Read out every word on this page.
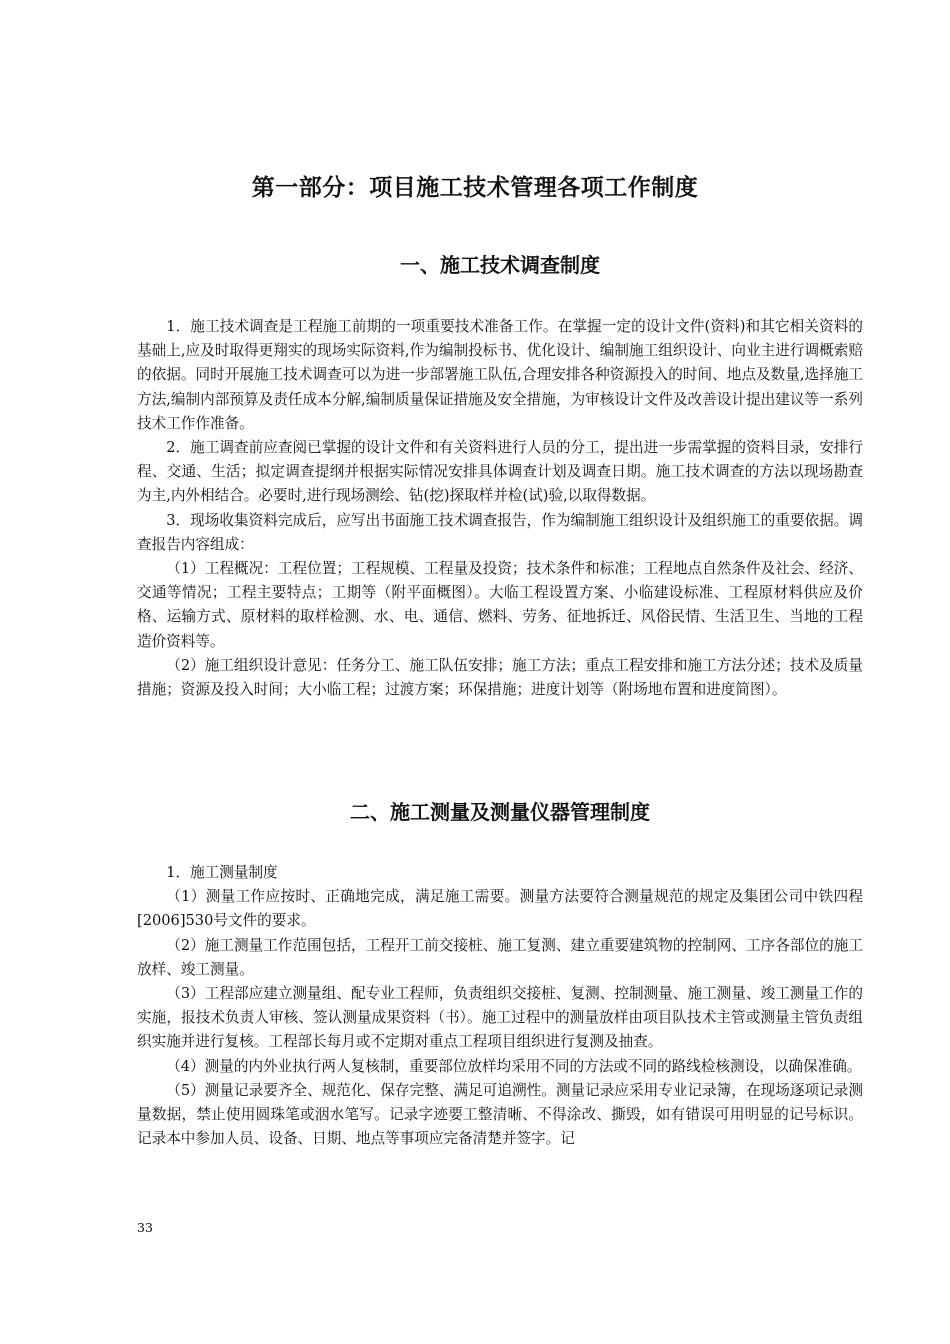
第一部分：项目施工技术管理各项工作制度
一、施工技术调查制度

1．施工技术调查是工程施工前期的一项重要技术准备工作。在掌握一定的设计文件(资料)和其它相关资料的基础上,应及时取得更翔实的现场实际资料,作为编制投标书、优化设计、编制施工组织设计、向业主进行调概索赔的依据。同时开展施工技术调查可以为进一步部署施工队伍,合理安排各种资源投入的时间、地点及数量,选择施工方法,编制内部预算及责任成本分解,编制质量保证措施及安全措施，为审核设计文件及改善设计提出建议等一系列技术工作作准备。

2．施工调查前应查阅已掌握的设计文件和有关资料进行人员的分工，提出进一步需掌握的资料目录，安排行程、交通、生活；拟定调查提纲并根据实际情况安排具体调查计划及调查日期。施工技术调查的方法以现场勘查为主,内外相结合。必要时,进行现场测绘、钻(挖)探取样并检(试)验,以取得数据。

3．现场收集资料完成后，应写出书面施工技术调查报告，作为编制施工组织设计及组织施工的重要依据。调查报告内容组成：

（1）工程概况：工程位置；工程规模、工程量及投资；技术条件和标准；工程地点自然条件及社会、经济、交通等情况；工程主要特点；工期等（附平面概图）。大临工程设置方案、小临建设标准、工程原材料供应及价格、运输方式、原材料的取样检测、水、电、通信、燃料、劳务、征地拆迁、风俗民情、生活卫生、当地的工程造价资料等。

（2）施工组织设计意见：任务分工、施工队伍安排；施工方法；重点工程安排和施工方法分述；技术及质量措施；资源及投入时间；大小临工程；过渡方案；环保措施；进度计划等（附场地布置和进度简图）。

二、施工测量及测量仪器管理制度

1．施工测量制度

（1）测量工作应按时、正确地完成，满足施工需要。测量方法要符合测量规范的规定及集团公司中铁四程[2006]530号文件的要求。

（2）施工测量工作范围包括，工程开工前交接桩、施工复测、建立重要建筑物的控制网、工序各部位的施工放样、竣工测量。

（3）工程部应建立测量组、配专业工程师，负责组织交接桩、复测、控制测量、施工测量、竣工测量工作的实施，报技术负责人审核、签认测量成果资料（书）。施工过程中的测量放样由项目队技术主管或测量主管负责组织实施并进行复核。工程部长每月或不定期对重点工程项目组织进行复测及抽查。

（4）测量的内外业执行两人复核制，重要部位放样均采用不同的方法或不同的路线检核测设，以确保准确。

（5）测量记录要齐全、规范化、保存完整、满足可追溯性。测量记录应采用专业记录簿，在现场逐项记录测量数据，禁止使用圆珠笔或洇水笔写。记录字迹要工整清晰、不得涂改、撕毁，如有错误可用明显的记号标识。记录本中参加人员、设备、日期、地点等事项应完备清楚并签字。记

33
